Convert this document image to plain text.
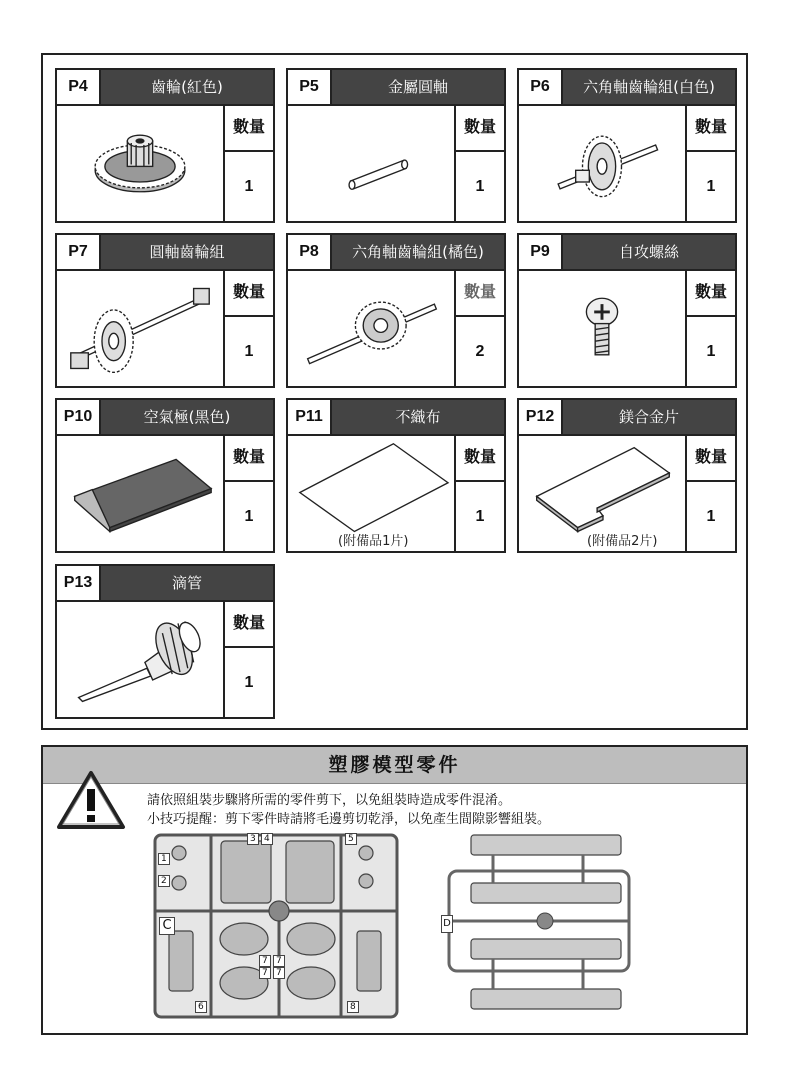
P4	齒輪(紅色)
數量
1
P5	金屬圓軸
數量
1
P6	六角軸齒輪組(白色)
數量
1
P7	圓軸齒輪組
數量
1
P8	六角軸齒輪組(橘色)
數量
2
P9	自攻螺絲
數量
1
P10	空氣極(黑色)
數量
1
P11	不織布
(附備品1片)
數量
1
P12	鎂合金片
(附備品2片)
數量
1
P13	滴管
數量
1
塑膠模型零件
請依照組裝步驟將所需的零件剪下，以免組裝時造成零件混淆。
小技巧提醒：剪下零件時請將毛邊剪切乾淨，以免產生間隙影響組裝。
C
1
2
3 4	5
6
7 7
7 7
8
D
